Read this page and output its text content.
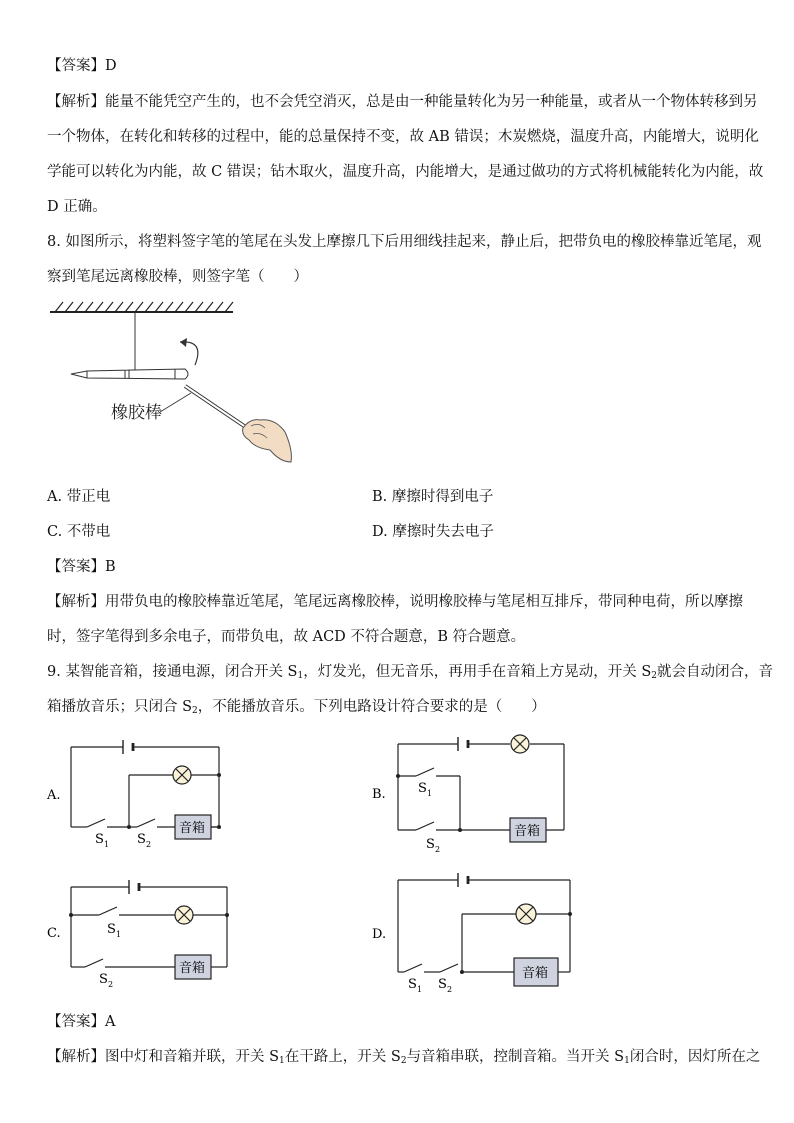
【答案】D
【解析】能量不能凭空产生的，也不会凭空消灭，总是由一种能量转化为另一种能量，或者从一个物体转移到另
一个物体，在转化和转移的过程中，能的总量保持不变，故 AB 错误；木炭燃烧，温度升高，内能增大，说明化
学能可以转化为内能，故 C 错误；钻木取火，温度升高，内能增大，是通过做功的方式将机械能转化为内能，故
D 正确。
8. 如图所示，将塑料签字笔的笔尾在头发上摩擦几下后用细线挂起来，静止后，把带负电的橡胶棒靠近笔尾，观
察到笔尾远离橡胶棒，则签字笔（　　）
橡胶棒
A. 带正电	B. 摩擦时得到电子
C. 不带电	D. 摩擦时失去电子
【答案】B
【解析】用带负电的橡胶棒靠近笔尾，笔尾远离橡胶棒，说明橡胶棒与笔尾相互排斥，带同种电荷，所以摩擦
时，签字笔得到多余电子，而带负电，故 ACD 不符合题意，B 符合题意。
9. 某智能音箱，接通电源，闭合开关 $S_1$，灯发光，但无音乐，再用手在音箱上方晃动，开关 $S_2$就会自动闭合，音
箱播放音乐；只闭合 $S_2$，不能播放音乐。下列电路设计符合要求的是（　　）
A.
音箱
S 1 S 2
B.
音箱
S 1
S 2
C.
音箱
S 1
S 2
D.
音箱
S 1 S 2
【答案】A
【解析】图中灯和音箱并联，开关 $S_1$在干路上，开关 $S_2$与音箱串联，控制音箱。当开关 $S_1$闭合时，因灯所在之
